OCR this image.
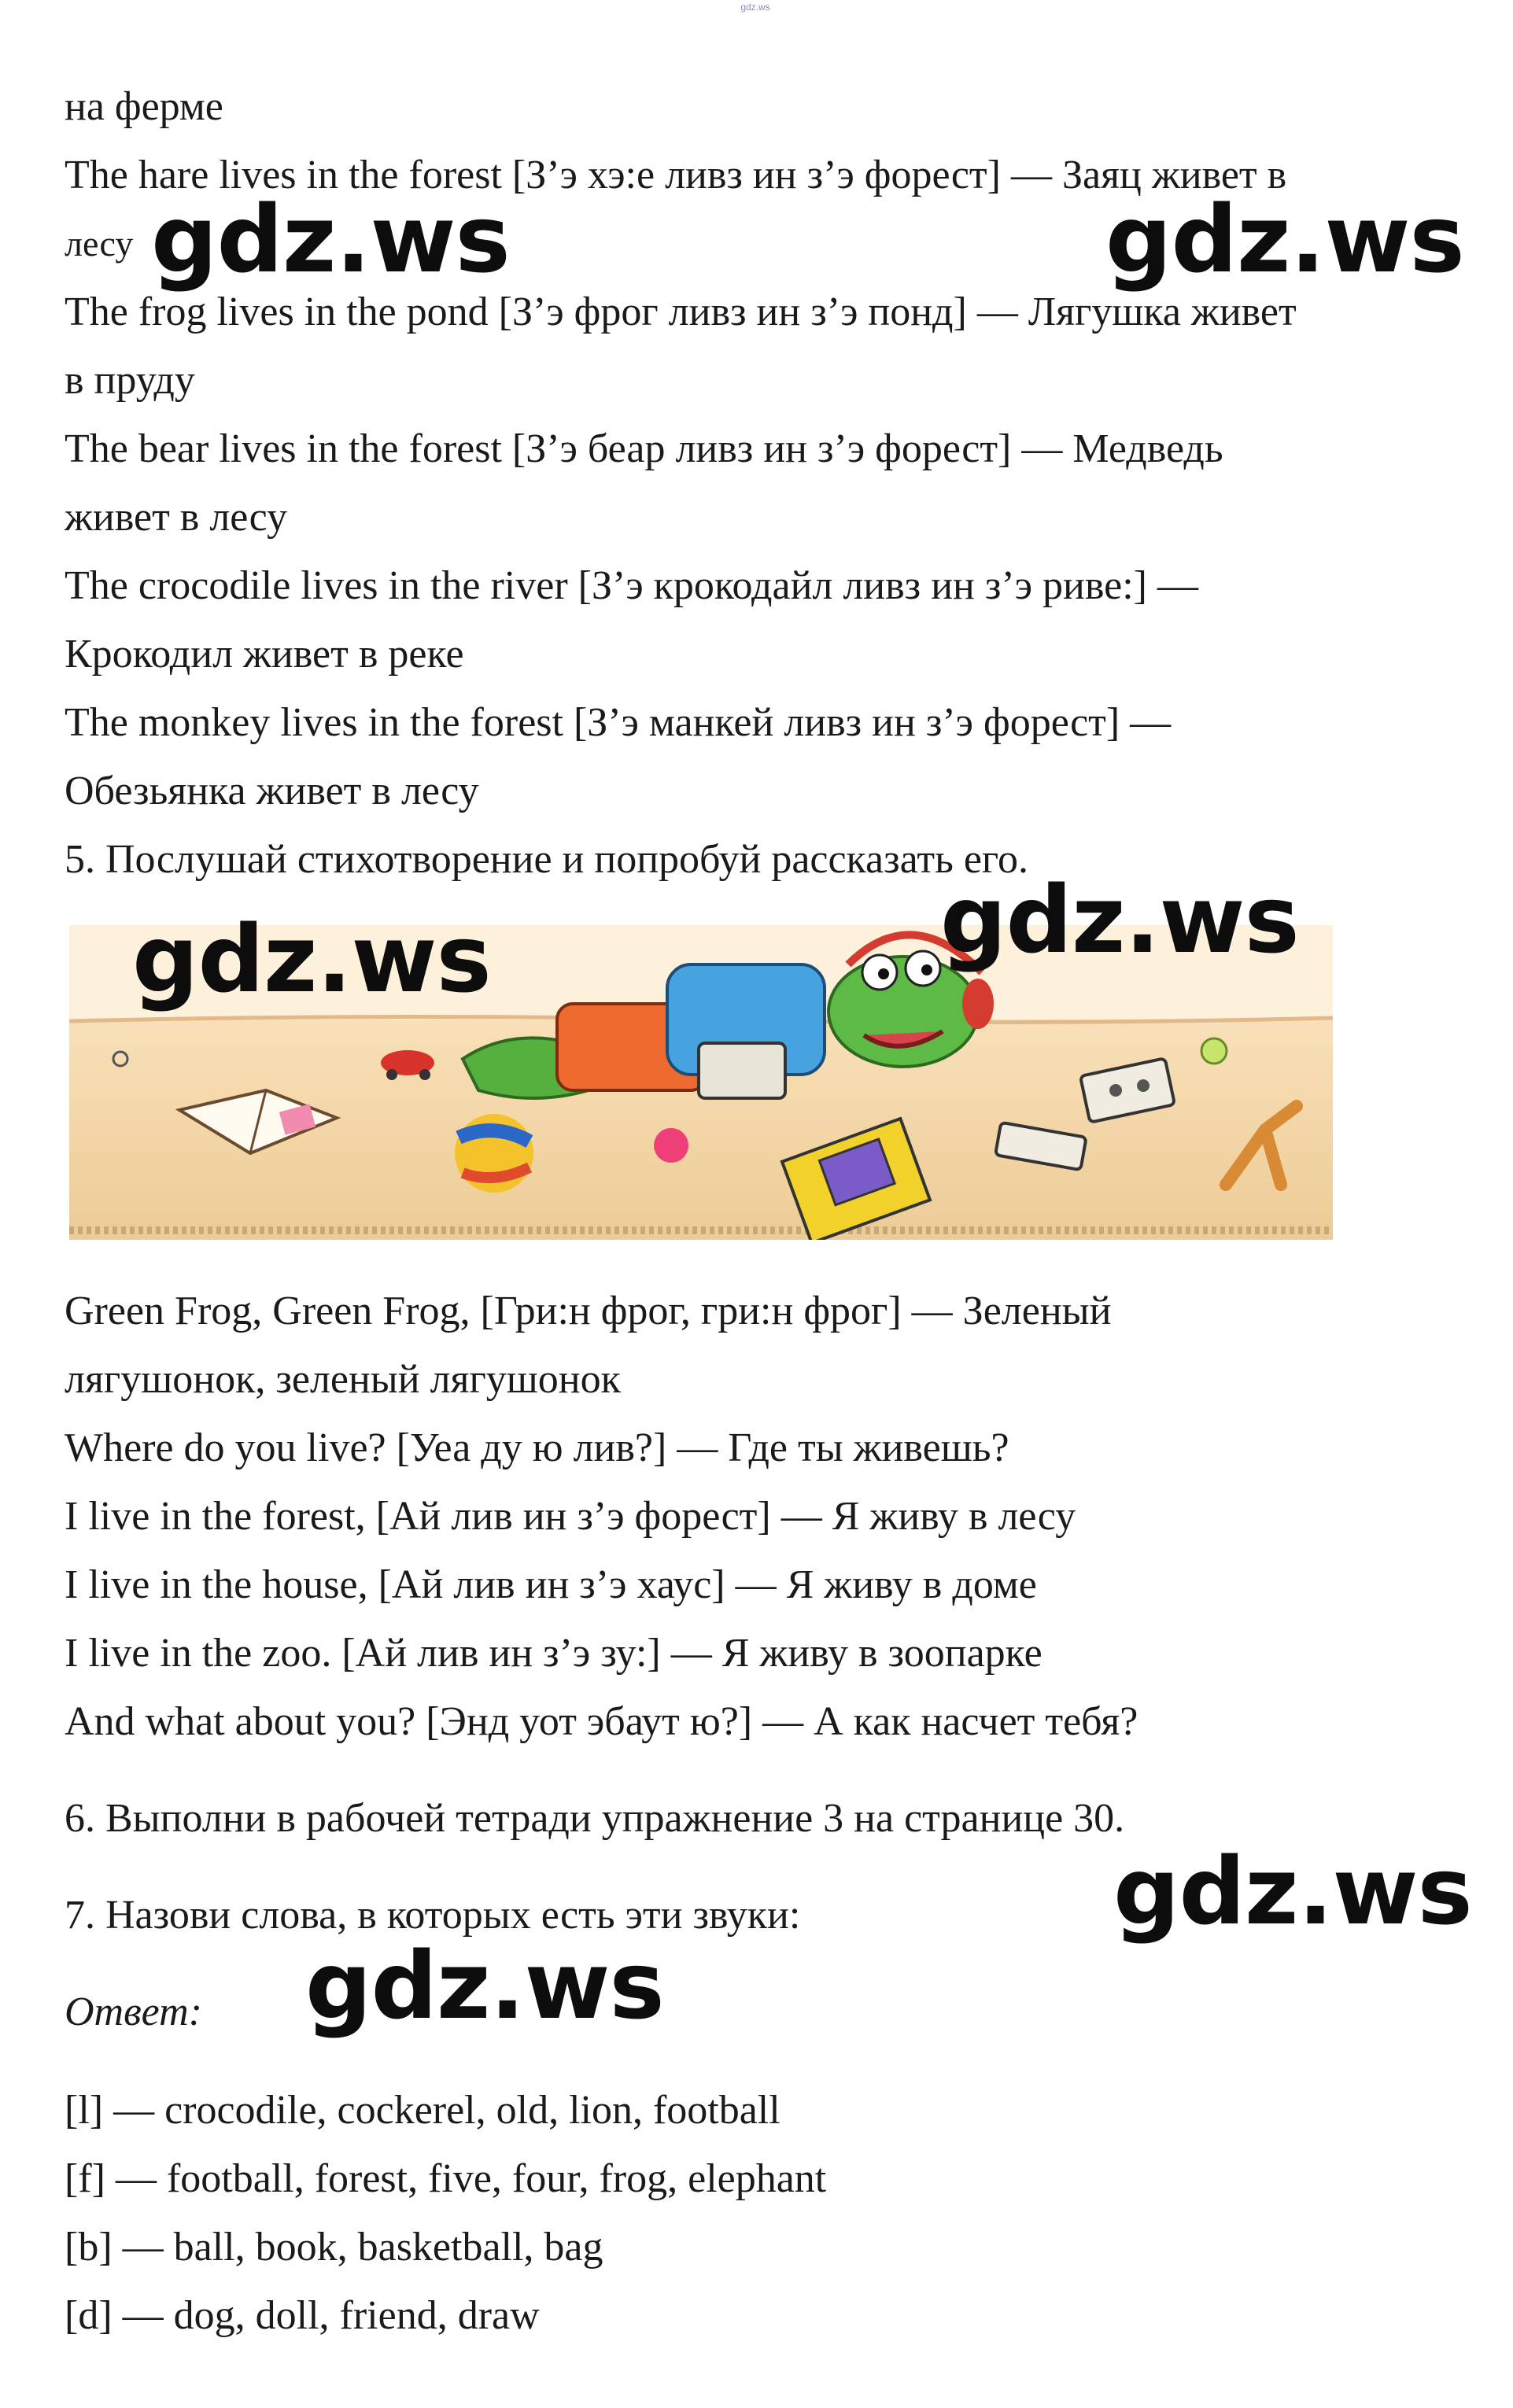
gdz.ws
на ферме
The hare lives in the forest [З’э хэ:е ливз ин з’э форест] — Заяц живет в
лесу
The frog lives in the pond [З’э фрог ливз ин з’э понд] — Лягушка живет
в пруду
The bear lives in the forest [З’э беар ливз ин з’э форест] — Медведь
живет в лесу
The crocodile lives in the river [З’э крокодайл ливз ин з’э риве:] —
Крокодил живет в реке
The monkey lives in the forest [З’э манкей ливз ин з’э форест] —
Обезьянка живет в лесу
5. Послушай стихотворение и попробуй рассказать его.
Green Frog, Green Frog, [Гри:н фрог, гри:н фрог] — Зеленый
лягушонок, зеленый лягушонок
Where do you live? [Уеа ду ю лив?] — Где ты живешь?
I live in the forest, [Ай лив ин з’э форест] — Я живу в лесу
I live in the house, [Ай лив ин з’э хаус] — Я живу в доме
I live in the zoo. [Ай лив ин з’э зу:] — Я живу в зоопарке
And what about you? [Энд уот эбаут ю?] — А как насчет тебя?
6. Выполни в рабочей тетради упражнение 3 на странице 30.
7. Назови слова, в которых есть эти звуки:
Ответ:
[l] — crocodile, cockerel, old, lion, football
[f] — football, forest, five, four, frog, elephant
[b] — ball, book, basketball, bag
[d] — dog, doll, friend, draw
gdz.ws	gdz.ws
gdz.ws
gdz.ws
gdz.ws
gdz.ws
